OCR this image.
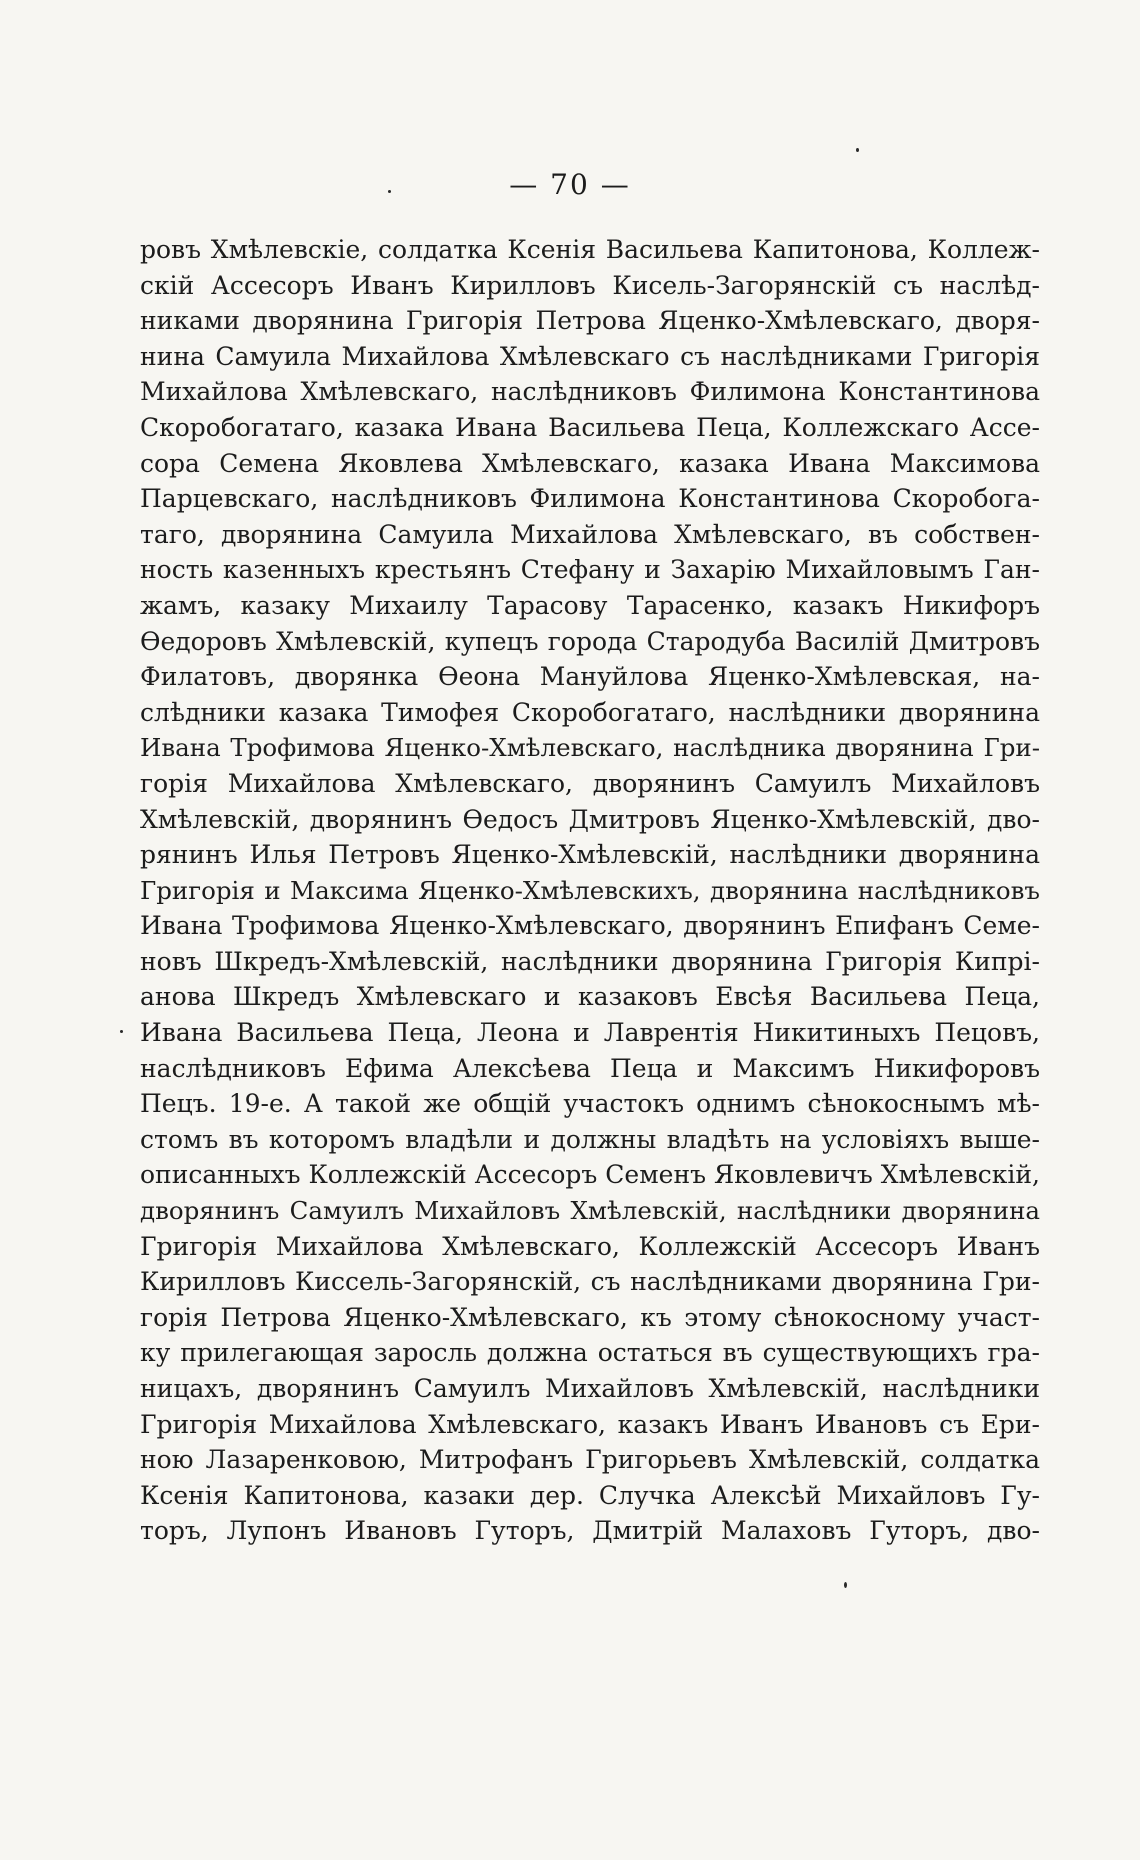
— 70 —
ровъ Хмѣлевскіе, солдатка Ксенія Васильева Капитонова, Коллеж-
скій Ассесоръ Иванъ Кирилловъ Кисель-Загорянскій съ наслѣд-
никами дворянина Григорія Петрова Яценко-Хмѣлевскаго, дворя-
нина Самуила Михайлова Хмѣлевскаго съ наслѣдниками Григорія
Михайлова Хмѣлевскаго, наслѣдниковъ Филимона Константинова
Скоробогатаго, казака Ивана Васильева Пеца, Коллежскаго Ассе-
сора Семена Яковлева Хмѣлевскаго, казака Ивана Максимова
Парцевскаго, наслѣдниковъ Филимона Константинова Скоробога-
таго, дворянина Самуила Михайлова Хмѣлевскаго, въ собствен-
ность казенныхъ крестьянъ Стефану и Захарію Михайловымъ Ган-
жамъ, казаку Михаилу Тарасову Тарасенко, казакъ Никифоръ
Ѳедоровъ Хмѣлевскій, купецъ города Стародуба Василій Дмитровъ
Филатовъ, дворянка Ѳеона Мануйлова Яценко-Хмѣлевская, на-
слѣдники казака Тимофея Скоробогатаго, наслѣдники дворянина
Ивана Трофимова Яценко-Хмѣлевскаго, наслѣдника дворянина Гри-
горія Михайлова Хмѣлевскаго, дворянинъ Самуилъ Михайловъ
Хмѣлевскій, дворянинъ Ѳедосъ Дмитровъ Яценко-Хмѣлевскій, дво-
рянинъ Илья Петровъ Яценко-Хмѣлевскій, наслѣдники дворянина
Григорія и Максима Яценко-Хмѣлевскихъ, дворянина наслѣдниковъ
Ивана Трофимова Яценко-Хмѣлевскаго, дворянинъ Епифанъ Семе-
новъ Шкредъ-Хмѣлевскій, наслѣдники дворянина Григорія Кипрі-
анова Шкредъ Хмѣлевскаго и казаковъ Евсѣя Васильева Пеца,
Ивана Васильева Пеца, Леона и Лаврентія Никитиныхъ Пецовъ,
наслѣдниковъ Ефима Алексѣева Пеца и Максимъ Никифоровъ
Пецъ. 19-е. А такой же общій участокъ однимъ сѣнокоснымъ мѣ-
стомъ въ которомъ владѣли и должны владѣть на условіяхъ выше-
описанныхъ Коллежскій Ассесоръ Семенъ Яковлевичъ Хмѣлевскій,
дворянинъ Самуилъ Михайловъ Хмѣлевскій, наслѣдники дворянина
Григорія Михайлова Хмѣлевскаго, Коллежскій Ассесоръ Иванъ
Кирилловъ Киссель-Загорянскій, съ наслѣдниками дворянина Гри-
горія Петрова Яценко-Хмѣлевскаго, къ этому сѣнокосному участ-
ку прилегающая заросль должна остаться въ существующихъ гра-
ницахъ, дворянинъ Самуилъ Михайловъ Хмѣлевскій, наслѣдники
Григорія Михайлова Хмѣлевскаго, казакъ Иванъ Ивановъ съ Ери-
ною Лазаренковою, Митрофанъ Григорьевъ Хмѣлевскій, солдатка
Ксенія Капитонова, казаки дер. Случка Алексѣй Михайловъ Гу-
торъ, Лупонъ Ивановъ Гуторъ, Дмитрій Малаховъ Гуторъ, дво-
